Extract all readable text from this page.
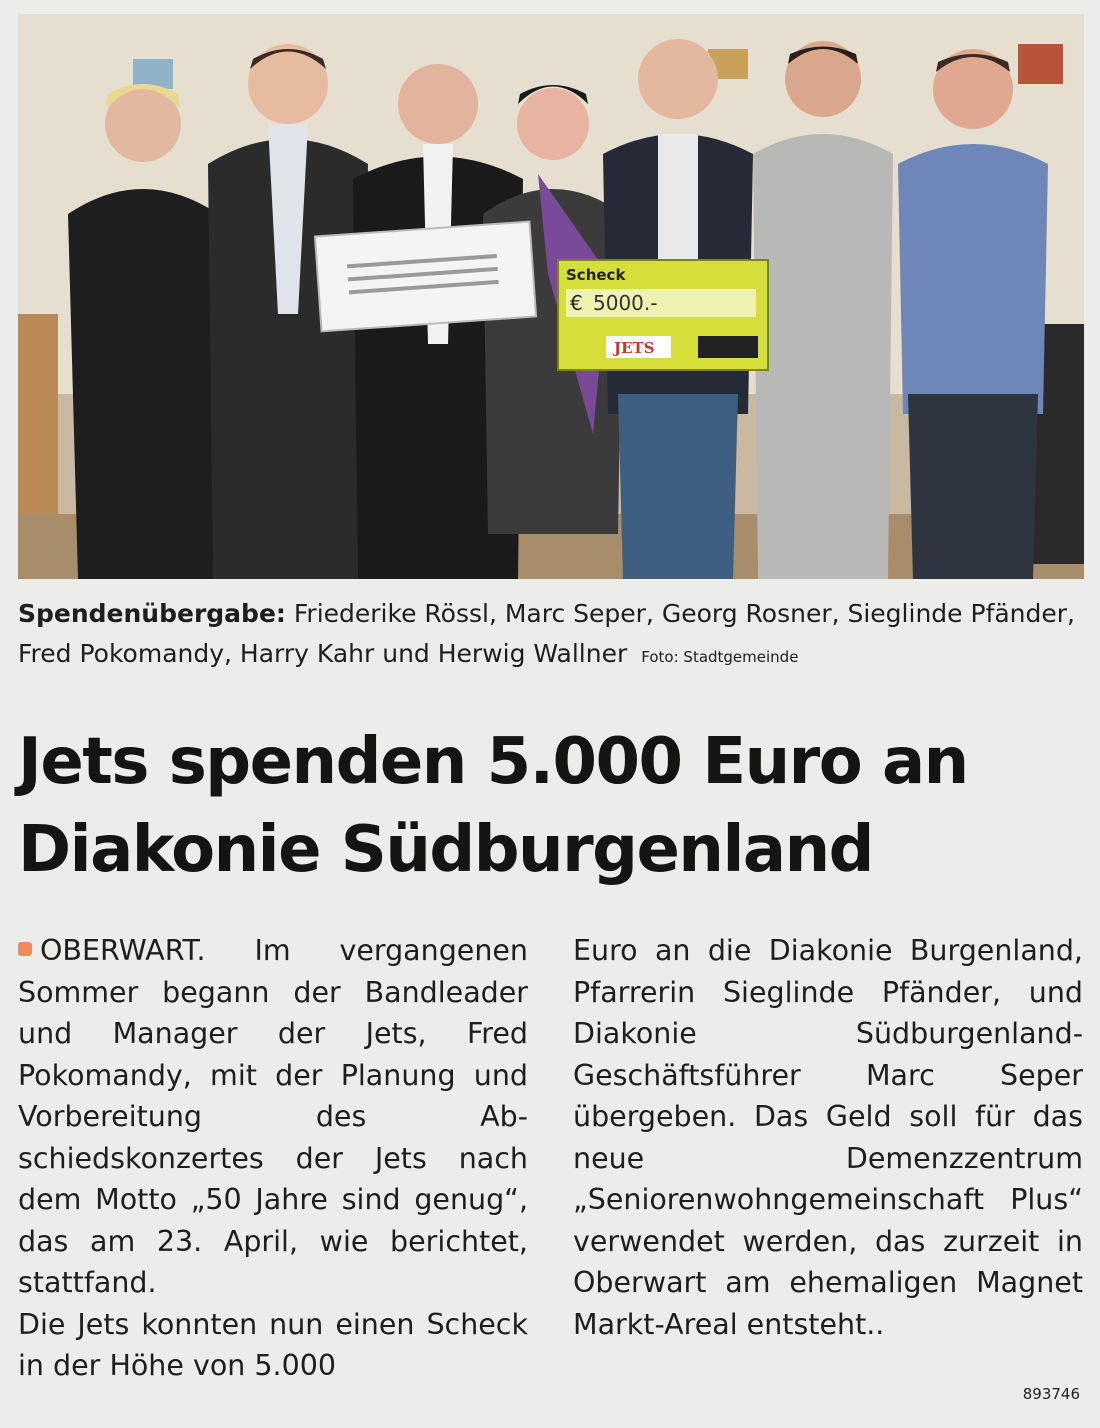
Scheck
€ 5000.-
JETS
Spendenübergabe: Friederike Rössl, Marc Seper, Georg Rosner, Sieglinde Pfänder, Fred Pokomandy, Harry Kahr und Herwig Wallner Foto: Stadtgemeinde
Jets spenden 5.000 Euro an
Diakonie Südburgenland

OBERWART. Im vergangenen Sommer begann der Bandleader und Manager der Jets, Fred Pokomandy, mit der Planung und Vorbereitung des Abschiedskonzertes der Jets nach dem Motto „50 Jahre sind genug“, das am 23. April, wie berichtet, stattfand.

Die Jets konnten nun einen Scheck in der Höhe von 5.000

Euro an die Diakonie Burgenland, Pfarrerin Sieglinde Pfänder, und Diakonie Südburgenland-Geschäftsführer Marc Seper übergeben. Das Geld soll für das neue Demenzzentrum „Seniorenwohngemeinschaft Plus“ verwendet werden, das zurzeit in Oberwart am ehemaligen Magnet Markt-Areal entsteht..

893746
